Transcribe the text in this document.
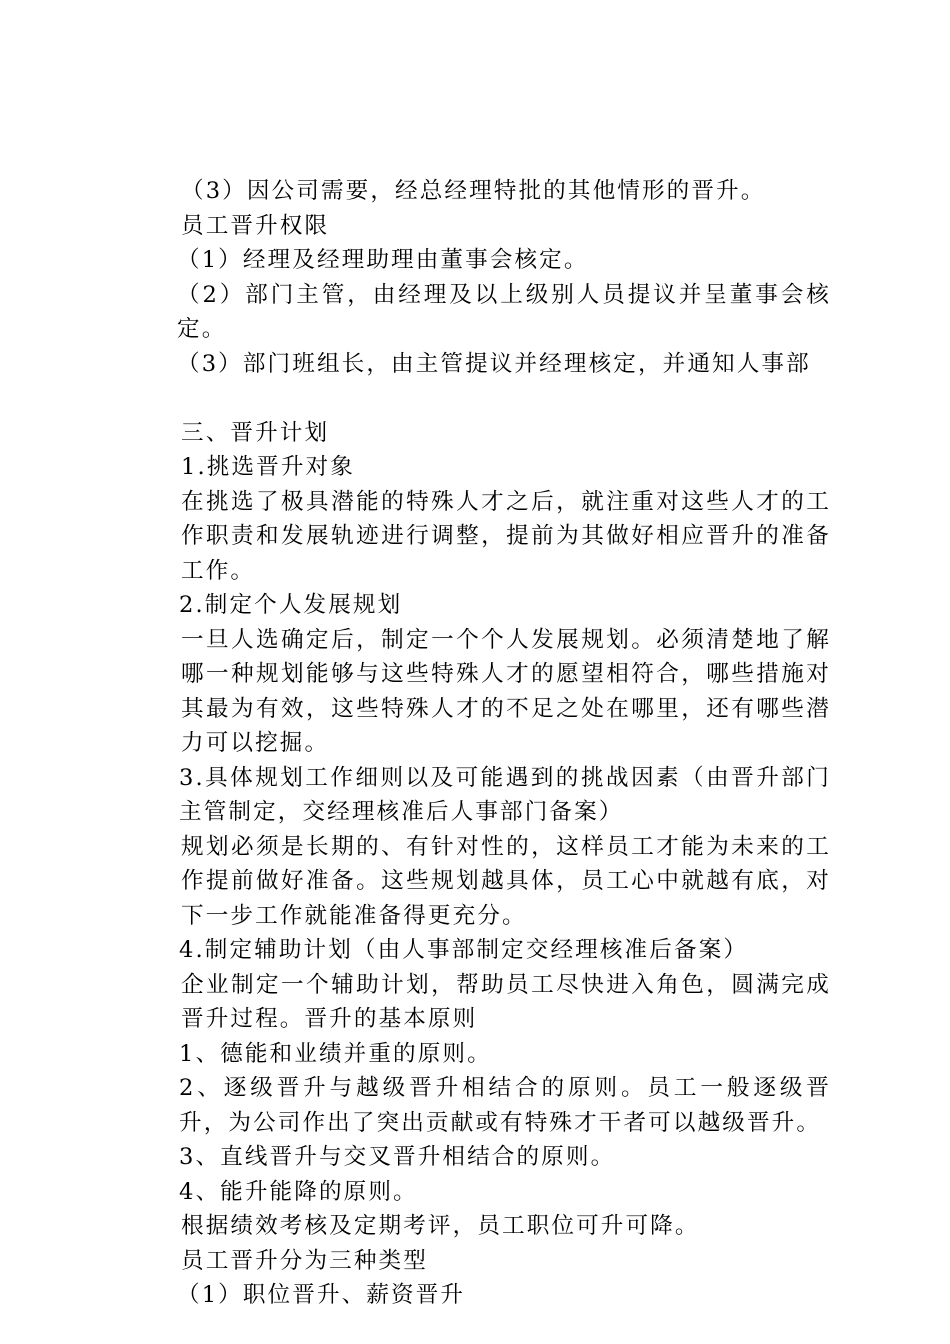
（3）因公司需要，经总经理特批的其他情形的晋升。

员工晋升权限

（1）经理及经理助理由董事会核定。

（2）部门主管，由经理及以上级别人员提议并呈董事会核定。

（3）部门班组长，由主管提议并经理核定，并通知人事部

三、晋升计划

1.挑选晋升对象

在挑选了极具潜能的特殊人才之后，就注重对这些人才的工作职责和发展轨迹进行调整，提前为其做好相应晋升的准备工作。

2.制定个人发展规划

一旦人选确定后，制定一个个人发展规划。必须清楚地了解哪一种规划能够与这些特殊人才的愿望相符合，哪些措施对其最为有效，这些特殊人才的不足之处在哪里，还有哪些潜力可以挖掘。

3.具体规划工作细则以及可能遇到的挑战因素（由晋升部门主管制定，交经理核准后人事部门备案）

规划必须是长期的、有针对性的，这样员工才能为未来的工作提前做好准备。这些规划越具体，员工心中就越有底，对下一步工作就能准备得更充分。

4.制定辅助计划（由人事部制定交经理核准后备案）

企业制定一个辅助计划，帮助员工尽快进入角色，圆满完成晋升过程。晋升的基本原则

1、德能和业绩并重的原则。

2、逐级晋升与越级晋升相结合的原则。员工一般逐级晋升，为公司作出了突出贡献或有特殊才干者可以越级晋升。

3、直线晋升与交叉晋升相结合的原则。

4、能升能降的原则。

根据绩效考核及定期考评，员工职位可升可降。

员工晋升分为三种类型

（1）职位晋升、薪资晋升
